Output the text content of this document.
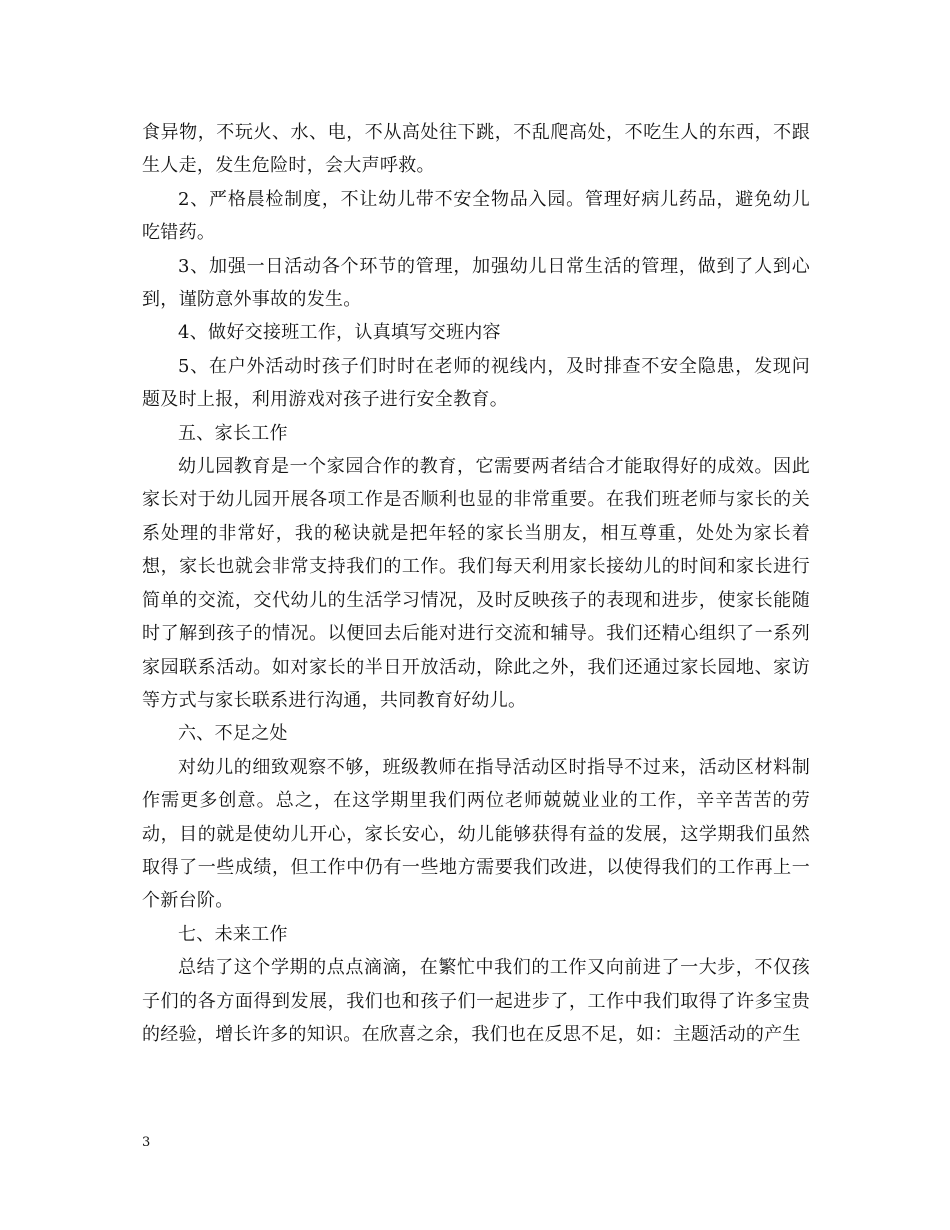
食异物，不玩火、水、电，不从高处往下跳，不乱爬高处，不吃生人的东西，不跟生人走，发生危险时，会大声呼救。

2、严格晨检制度，不让幼儿带不安全物品入园。管理好病儿药品，避免幼儿吃错药。

3、加强一日活动各个环节的管理，加强幼儿日常生活的管理，做到了人到心到，谨防意外事故的发生。

4、做好交接班工作，认真填写交班内容

5、在户外活动时孩子们时时在老师的视线内，及时排查不安全隐患，发现问题及时上报，利用游戏对孩子进行安全教育。

五、家长工作

幼儿园教育是一个家园合作的教育，它需要两者结合才能取得好的成效。因此家长对于幼儿园开展各项工作是否顺利也显的非常重要。在我们班老师与家长的关系处理的非常好，我的秘诀就是把年轻的家长当朋友，相互尊重，处处为家长着想，家长也就会非常支持我们的工作。我们每天利用家长接幼儿的时间和家长进行简单的交流，交代幼儿的生活学习情况，及时反映孩子的表现和进步，使家长能随时了解到孩子的情况。以便回去后能对进行交流和辅导。我们还精心组织了一系列家园联系活动。如对家长的半日开放活动，除此之外，我们还通过家长园地、家访等方式与家长联系进行沟通，共同教育好幼儿。

六、不足之处

对幼儿的细致观察不够，班级教师在指导活动区时指导不过来，活动区材料制作需更多创意。总之，在这学期里我们两位老师兢兢业业的工作，辛辛苦苦的劳动，目的就是使幼儿开心，家长安心，幼儿能够获得有益的发展，这学期我们虽然取得了一些成绩，但工作中仍有一些地方需要我们改进，以使得我们的工作再上一个新台阶。

七、未来工作

总结了这个学期的点点滴滴，在繁忙中我们的工作又向前进了一大步，不仅孩子们的各方面得到发展，我们也和孩子们一起进步了，工作中我们取得了许多宝贵的经验，增长许多的知识。在欣喜之余，我们也在反思不足，如：主题活动的产生

3
